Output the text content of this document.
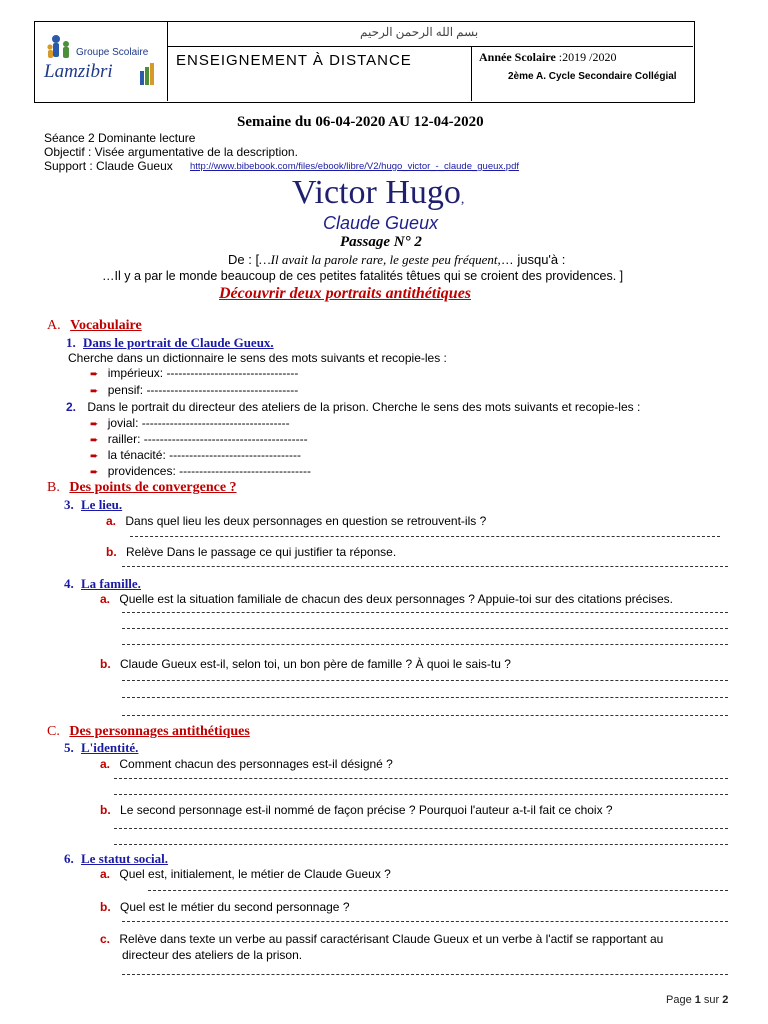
Groupe Scolaire
Lamzibri
بسم الله الرحمن الرحيم
ENSEIGNEMENT À DISTANCE	Année Scolaire :2019 /2020
2ème A. Cycle Secondaire Collégial
Semaine du 06-04-2020 AU 12-04-2020
Séance 2 Dominante lecture
Objectif : Visée argumentative de la description.
Support : Claude Gueux http://www.bibebook.com/files/ebook/libre/V2/hugo_victor_-_claude_gueux.pdf
Victor Hugo,
Claude Gueux
Passage N° 2
De : […Il avait la parole rare, le geste peu fréquent,… jusqu'à :
…Il y a par le monde beaucoup de ces petites fatalités têtues qui se croient des providences. ]
Découvrir deux portraits antithétiques
A. Vocabulaire
1. Dans le portrait de Claude Gueux.
Cherche dans un dictionnaire le sens des mots suivants et recopie-les :
➨ impérieux: ---------------------------------
➨ pensif: --------------------------------------
2. Dans le portrait du directeur des ateliers de la prison. Cherche le sens des mots suivants et recopie-les :
➨ jovial: -------------------------------------
➨ railler: -----------------------------------------
➨ la ténacité: ---------------------------------
➨ providences: ---------------------------------
B. Des points de convergence ?
3. Le lieu.
a. Dans quel lieu les deux personnages en question se retrouvent-ils ?
b. Relève Dans le passage ce qui justifier ta réponse.
4. La famille.
a. Quelle est la situation familiale de chacun des deux personnages ? Appuie-toi sur des citations précises.
b. Claude Gueux est-il, selon toi, un bon père de famille ? À quoi le sais-tu ?
C. Des personnages antithétiques
5. L'identité.
a. Comment chacun des personnages est-il désigné ?
b. Le second personnage est-il nommé de façon précise ? Pourquoi l'auteur a-t-il fait ce choix ?
6. Le statut social.
a. Quel est, initialement, le métier de Claude Gueux ?
b. Quel est le métier du second personnage ?
c. Relève dans texte un verbe au passif caractérisant Claude Gueux et un verbe à l'actif se rapportant au
directeur des ateliers de la prison.
Page 1 sur 2
